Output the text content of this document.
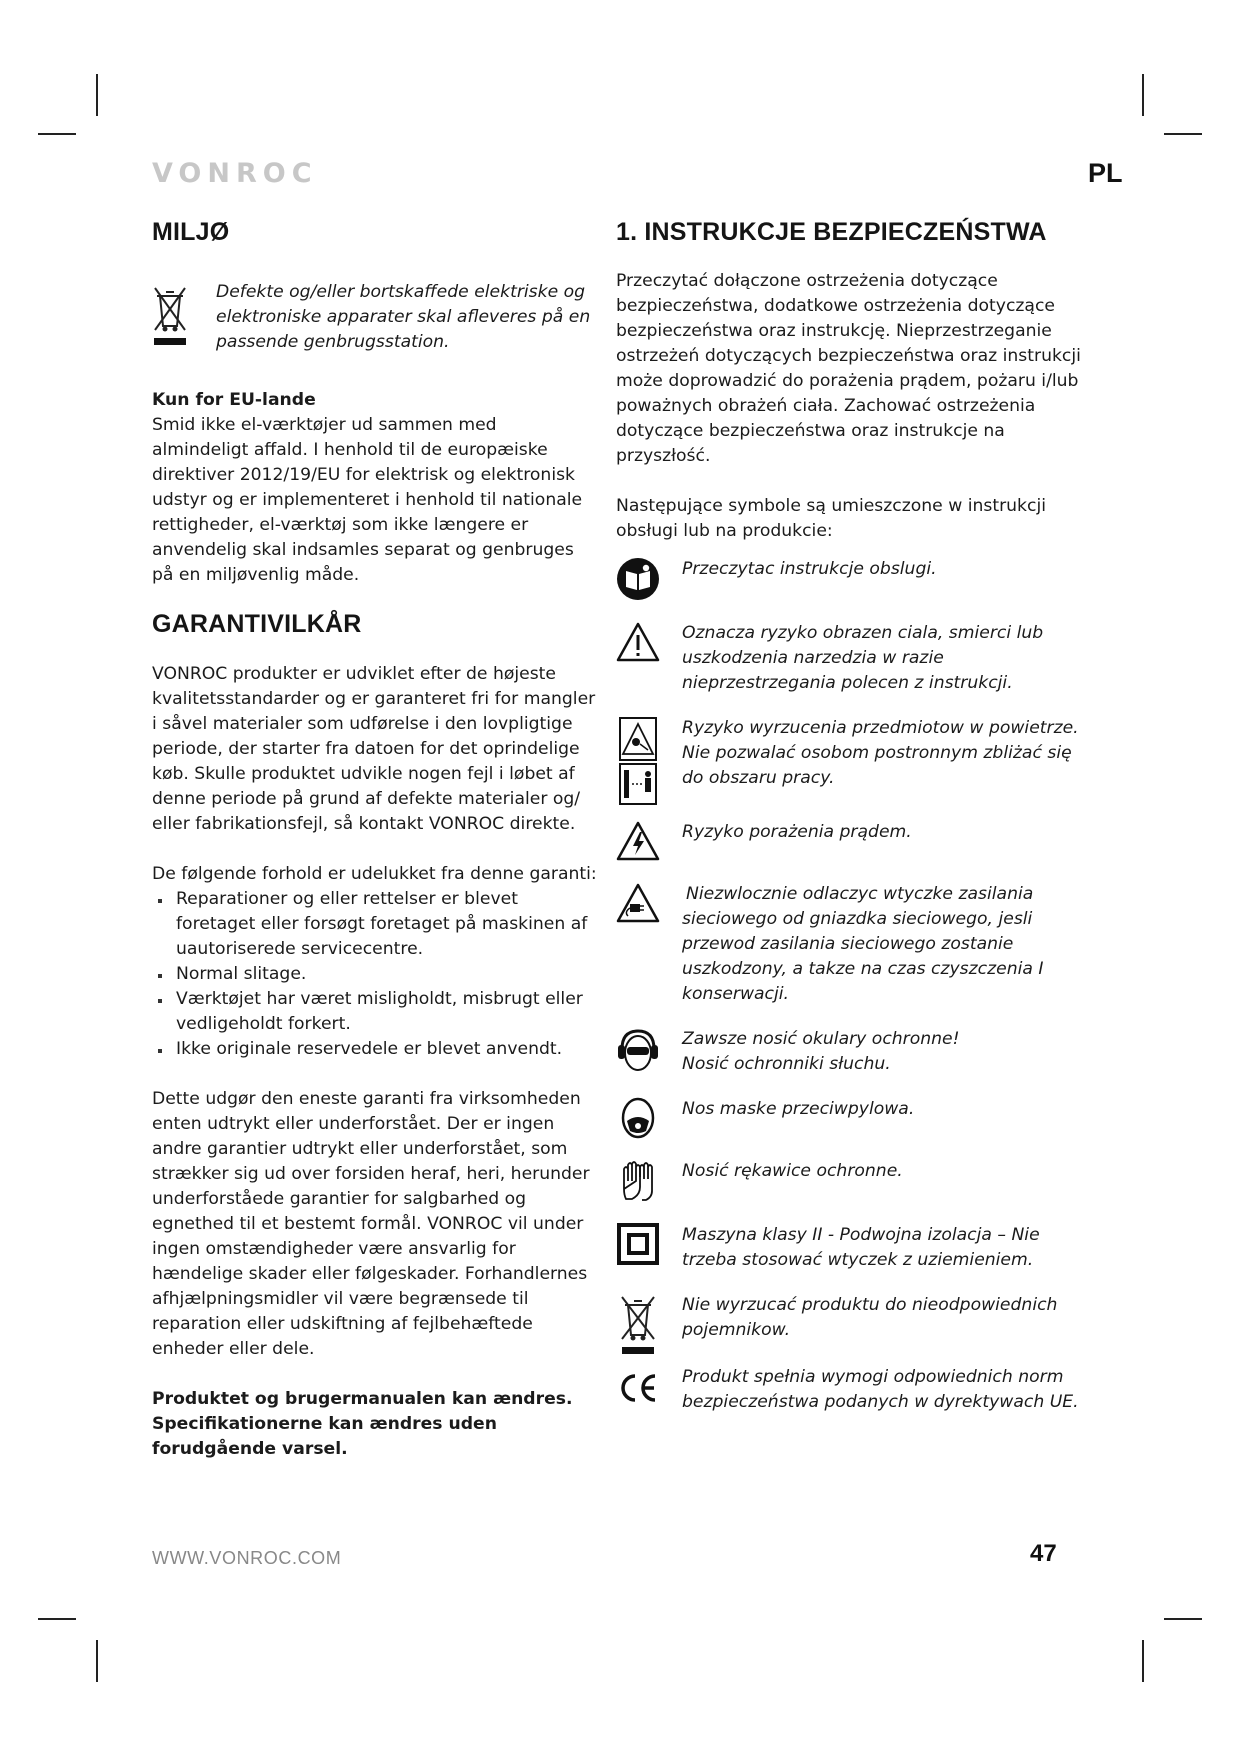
VONROC	PL
MILJØ

Defekte og/eller bortskaffede elektriske og elektroniske apparater skal afleveres på en passende genbrugsstation.

Kun for EU-lande

Smid ikke el-værktøjer ud sammen med almindeligt affald. I henhold til de europæiske direktiver 2012/19/EU for elektrisk og elektronisk udstyr og er implementeret i henhold til nationale rettigheder, el-værktøj som ikke længere er anvendelig skal indsamles separat og genbruges på en miljøvenlig måde.

GARANTIVILKÅR

VONROC produkter er udviklet efter de højeste kvalitetsstandarder og er garanteret fri for mangler i såvel materialer som udførelse i den lovpligtige periode, der starter fra datoen for det oprindelige køb. Skulle produktet udvikle nogen fejl i løbet af denne periode på grund af defekte materialer og/ eller fabrikationsfejl, så kontakt VONROC direkte.

De følgende forhold er udelukket fra denne garanti:

Reparationer og eller rettelser er blevet foretaget eller forsøgt foretaget på maskinen af uautoriserede servicecentre.
Normal slitage.
Værktøjet har været misligholdt, misbrugt eller vedligeholdt forkert.
Ikke originale reservedele er blevet anvendt.

Dette udgør den eneste garanti fra virksomheden enten udtrykt eller underforstået. Der er ingen andre garantier udtrykt eller underforstået, som strækker sig ud over forsiden heraf, heri, herunder underforståede garantier for salgbarhed og egnethed til et bestemt formål. VONROC vil under ingen omstændigheder være ansvarlig for hændelige skader eller følgeskader. Forhandlernes afhjælpningsmidler vil være begrænsede til reparation eller udskiftning af fejlbehæftede enheder eller dele.

Produktet og brugermanualen kan ændres. Specifikationerne kan ændres uden forudgående varsel.

1. INSTRUKCJE BEZPIECZEŃSTWA

Przeczytać dołączone ostrzeżenia dotyczące bezpieczeństwa, dodatkowe ostrzeżenia dotyczące bezpieczeństwa oraz instrukcję. Nieprzestrzeganie ostrzeżeń dotyczących bezpieczeństwa oraz instrukcji może doprowadzić do porażenia prądem, pożaru i/lub poważnych obrażeń ciała. Zachować ostrzeżenia dotyczące bezpieczeństwa oraz instrukcje na przyszłość.

Następujące symbole są umieszczone w instrukcji obsługi lub na produkcie:

Przeczytac instrukcje obslugi.

Oznacza ryzyko obrazen ciala, smierci lub uszkodzenia narzedzia w razie nieprzestrzegania polecen z instrukcji.

Ryzyko wyrzucenia przedmiotow w powietrze. Nie pozwalać osobom postronnym zbliżać się do obszaru pracy.

Ryzyko porażenia prądem.

Niezwlocznie odlaczyc wtyczke zasilania sieciowego od gniazdka sieciowego, jesli przewod zasilania sieciowego zostanie uszkodzony, a takze na czas czyszczenia I konserwacji.

Zawsze nosić okulary ochronne!
Nosić ochronniki słuchu.

Nos maske przeciwpylowa.

Nosić rękawice ochronne.

Maszyna klasy II - Podwojna izolacja – Nie trzeba stosować wtyczek z uziemieniem.

Nie wyrzucać produktu do nieodpowiednich pojemnikow.

Produkt spełnia wymogi odpowiednich norm bezpieczeństwa podanych w dyrektywach UE.

WWW.VONROC.COM	47
